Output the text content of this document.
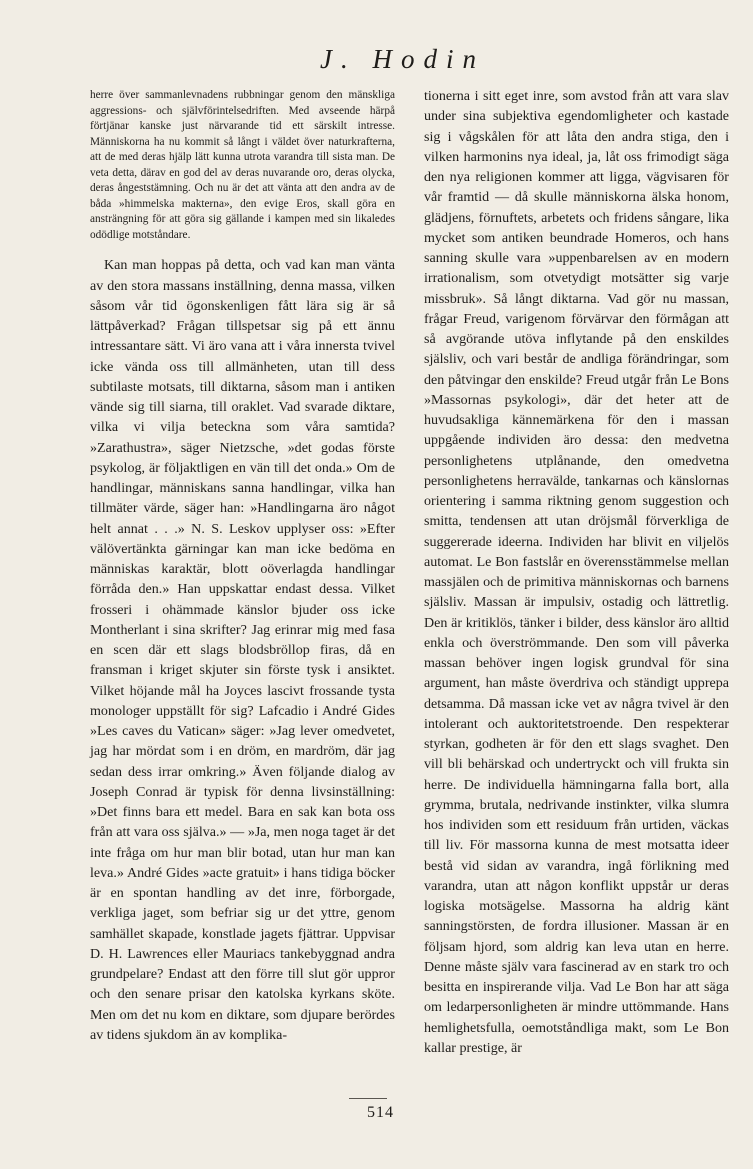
J. Hodin

herre över sammanlevnadens rubbningar genom den mänskliga aggressions- och självförintelsedriften. Med avseende härpå förtjänar kanske just närvarande tid ett särskilt intresse. Människorna ha nu kommit så långt i väldet över naturkrafterna, att de med deras hjälp lätt kunna utrota varandra till sista man. De veta detta, därav en god del av deras nuvarande oro, deras olycka, deras ångeststämning. Och nu är det att vänta att den andra av de båda »himmelska makterna», den evige Eros, skall göra en ansträngning för att göra sig gällande i kampen med sin likaledes odödlige motståndare.

Kan man hoppas på detta, och vad kan man vänta av den stora massans inställning, denna massa, vilken såsom vår tid ögonskenligen fått lära sig är så lättpåverkad? Frågan tillspetsar sig på ett ännu intressantare sätt. Vi äro vana att i våra innersta tvivel icke vända oss till allmänheten, utan till dess subtilaste motsats, till diktarna, såsom man i antiken vände sig till siarna, till oraklet. Vad svarade diktare, vilka vi vilja beteckna som våra samtida? »Zarathustra», säger Nietzsche, »det godas förste psykolog, är följaktligen en vän till det onda.» Om de handlingar, människans sanna handlingar, vilka han tillmäter värde, säger han: »Handlingarna äro något helt annat . . .» N. S. Leskov upplyser oss: »Efter välövertänkta gärningar kan man icke bedöma en människas karaktär, blott oöverlagda handlingar förråda den.» Han uppskattar endast dessa. Vilket frosseri i ohämmade känslor bjuder oss icke Montherlant i sina skrifter? Jag erinrar mig med fasa en scen där ett slags blodsbröllop firas, då en fransman i kriget skjuter sin förste tysk i ansiktet. Vilket höjande mål ha Joyces lascivt frossande tysta monologer uppställt för sig? Lafcadio i André Gides »Les caves du Vatican» säger: »Jag lever omedvetet, jag har mördat som i en dröm, en mardröm, där jag sedan dess irrar omkring.» Även följande dialog av Joseph Conrad är typisk för denna livsinställning: »Det finns bara ett medel. Bara en sak kan bota oss från att vara oss själva.» — »Ja, men noga taget är det inte fråga om hur man blir botad, utan hur man kan leva.» André Gides »acte gratuit» i hans tidiga böcker är en spontan handling av det inre, förborgade, verkliga jaget, som befriar sig ur det yttre, genom samhället skapade, konstlade jagets fjättrar. Uppvisar D. H. Lawrences eller Mauriacs tankebyggnad andra grundpelare? Endast att den förre till slut gör uppror och den senare prisar den katolska kyrkans sköte. Men om det nu kom en diktare, som djupare berördes av tidens sjukdom än av komplika-

tionerna i sitt eget inre, som avstod från att vara slav under sina subjektiva egendomligheter och kastade sig i vågskålen för att låta den andra stiga, den i vilken harmonins nya ideal, ja, låt oss frimodigt säga den nya religionen kommer att ligga, vägvisaren för vår framtid — då skulle människorna älska honom, glädjens, förnuftets, arbetets och fridens sångare, lika mycket som antiken beundrade Homeros, och hans sanning skulle vara »uppenbarelsen av en modern irrationalism, som otvetydigt motsätter sig varje missbruk». Så långt diktarna. Vad gör nu massan, frågar Freud, varigenom förvärvar den förmågan att så avgörande utöva inflytande på den enskildes själsliv, och vari består de andliga förändringar, som den påtvingar den enskilde? Freud utgår från Le Bons »Massornas psykologi», där det heter att de huvudsakliga kännemärkena för den i massan uppgående individen äro dessa: den medvetna personlighetens utplånande, den omedvetna personlighetens herravälde, tankarnas och känslornas orientering i samma riktning genom suggestion och smitta, tendensen att utan dröjsmål förverkliga de suggererade ideerna. Individen har blivit en viljelös automat. Le Bon fastslår en överensstämmelse mellan massjälen och de primitiva människornas och barnens själsliv. Massan är impulsiv, ostadig och lättretlig. Den är kritiklös, tänker i bilder, dess känslor äro alltid enkla och överströmmande. Den som vill påverka massan behöver ingen logisk grundval för sina argument, han måste överdriva och ständigt upprepa detsamma. Då massan icke vet av några tvivel är den intolerant och auktoritetstroende. Den respekterar styrkan, godheten är för den ett slags svaghet. Den vill bli behärskad och undertryckt och vill frukta sin herre. De individuella hämningarna falla bort, alla grymma, brutala, nedrivande instinkter, vilka slumra hos individen som ett residuum från urtiden, väckas till liv. För massorna kunna de mest motsatta ideer bestå vid sidan av varandra, ingå förlikning med varandra, utan att någon konflikt uppstår ur deras logiska motsägelse. Massorna ha aldrig känt sanningstörsten, de fordra illusioner. Massan är en följsam hjord, som aldrig kan leva utan en herre. Denne måste själv vara fascinerad av en stark tro och besitta en inspirerande vilja. Vad Le Bon har att säga om ledarpersonligheten är mindre uttömmande. Hans hemlighetsfulla, oemotståndliga makt, som Le Bon kallar prestige, är

514
